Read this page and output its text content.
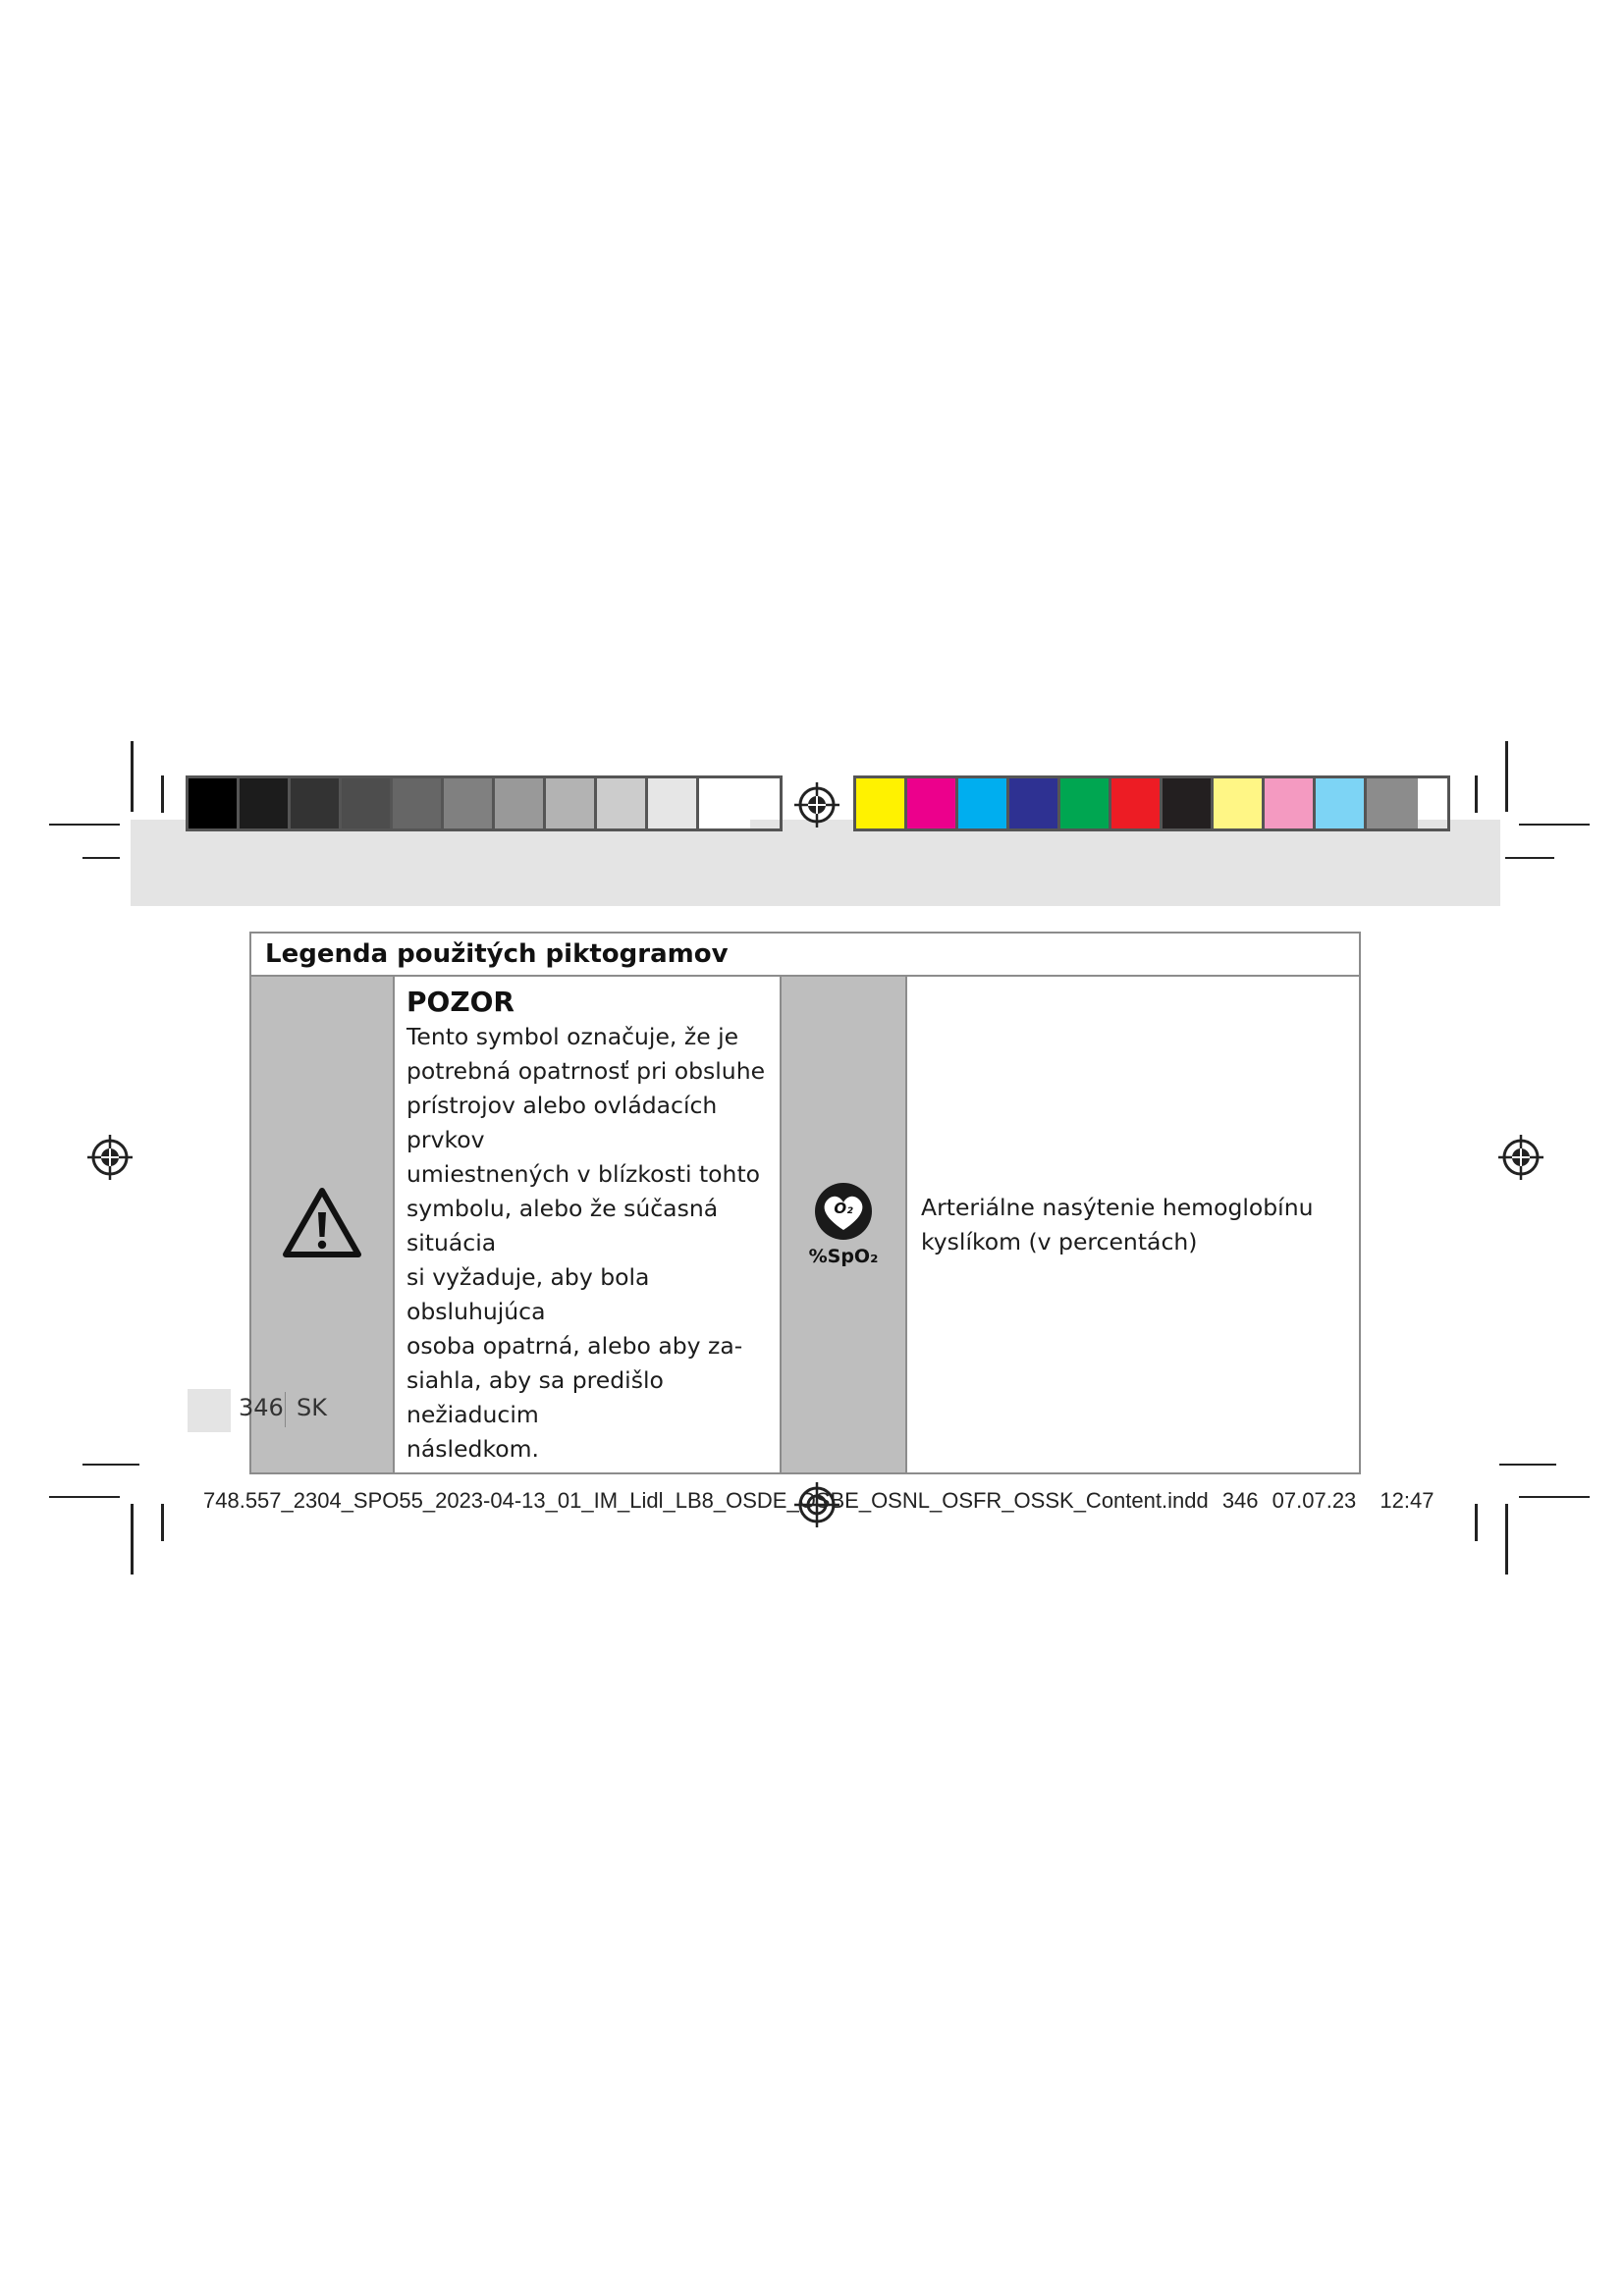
Legenda použitých piktogramov

POZOR
Tento symbol označuje, že je
potrebná opatrnosť pri obsluhe
prístrojov alebo ovládacích prvkov
umiestnených v blízkosti tohto
symbolu, alebo že súčasná situácia
si vyžaduje, aby bola obsluhujúca
osoba opatrná, alebo aby za-
siahla, aby sa predišlo nežiaducim
následkom.

O₂
%SpO₂

Arteriálne nasýtenie hemoglobínu
kyslíkom (v percentách)
346 SK
748.557_2304_SPO55_2023-04-13_01_IM_Lidl_LB8_OSDE_OSBE_OSNL_OSFR_OSSK_Content.indd 346 07.07.23 12:47
